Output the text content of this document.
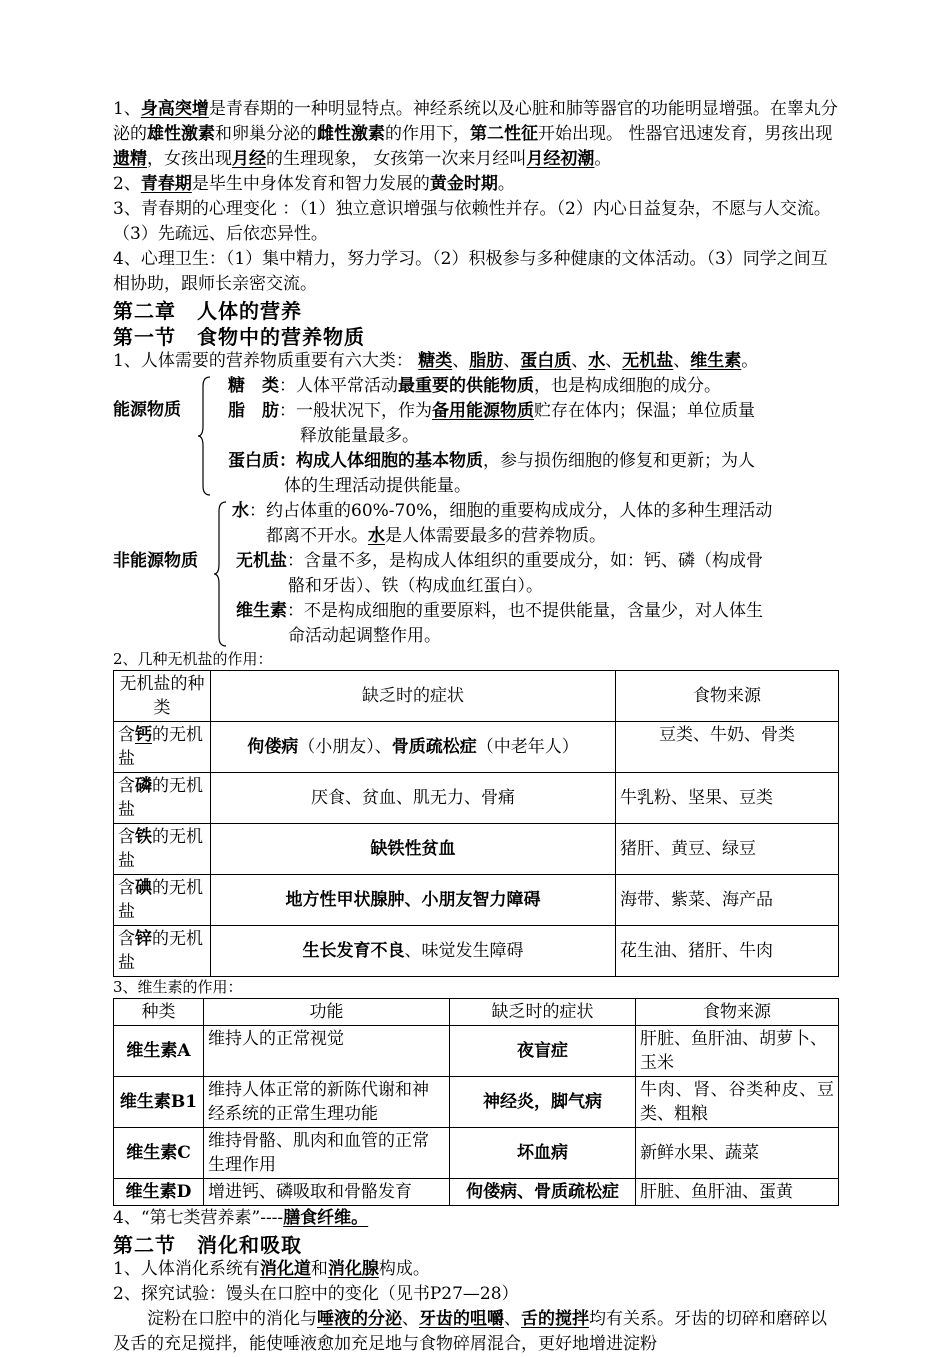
1、身高突增是青春期的一种明显特点。神经系统以及心脏和肺等器官的功能明显增强。在睾丸分泌的雄性激素和卵巢分泌的雌性激素的作用下，第二性征开始出现。 性器官迅速发育，男孩出现遗精，女孩出现月经的生理现象， 女孩第一次来月经叫月经初潮。

2、青春期是毕生中身体发育和智力发展的黄金时期。

3、青春期的心理变化 ：（1）独立意识增强与依赖性并存。（2）内心日益复杂，不愿与人交流。（3）先疏远、后依恋异性。

4、心理卫生：（1）集中精力，努力学习。（2）积极参与多种健康的文体活动。（3）同学之间互相协助，跟师长亲密交流。

第二章　人体的营养
第一节　食物中的营养物质

1、人体需要的营养物质重要有六大类： 糖类、脂肪、蛋白质、水、无机盐、维生素。

能源物质
糖　类：人体平常活动最重要的供能物质，也是构成细胞的成分。
脂　肪：一般状况下，作为备用能源物质贮存在体内；保温；单位质量
释放能量最多。
蛋白质：构成人体细胞的基本物质，参与损伤细胞的修复和更新；为人
体的生理活动提供能量。
非能源物质
水：约占体重的60%-70%，细胞的重要构成成分，人体的多种生理活动
都离不开水。水是人体需要最多的营养物质。
无机盐：含量不多，是构成人体组织的重要成分，如：钙、磷（构成骨
骼和牙齿）、铁（构成血红蛋白）。
维生素：不是构成细胞的重要原料，也不提供能量，含量少，对人体生
命活动起调整作用。

2、几种无机盐的作用：

无机盐的种类	缺乏时的症状	食物来源
含钙的无机盐	佝偻病（小朋友）、骨质疏松症（中老年人）	豆类、牛奶、骨类
含磷的无机盐	厌食、贫血、肌无力、骨痛	牛乳粉、坚果、豆类
含铁的无机盐	缺铁性贫血	猪肝、黄豆、绿豆
含碘的无机盐	地方性甲状腺肿、小朋友智力障碍	海带、紫菜、海产品
含锌的无机盐	生长发育不良、味觉发生障碍	花生油、猪肝、牛肉

3、维生素的作用：

种类	功能	缺乏时的症状	食物来源
维生素A	维持人的正常视觉	夜盲症	肝脏、鱼肝油、胡萝卜、玉米
维生素B1	维持人体正常的新陈代谢和神经系统的正常生理功能	神经炎，脚气病	牛肉、肾、谷类种皮、豆类、粗粮
维生素C	维持骨骼、肌肉和血管的正常生理作用	坏血病	新鲜水果、蔬菜
维生素D	增进钙、磷吸取和骨骼发育	佝偻病、骨质疏松症	肝脏、鱼肝油、蛋黄

4、“第七类营养素”----膳食纤维。

第二节　消化和吸取

1、人体消化系统有消化道和消化腺构成。

2、探究试验：馒头在口腔中的变化（见书P27—28）

淀粉在口腔中的消化与唾液的分泌、牙齿的咀嚼、舌的搅拌均有关系。牙齿的切碎和磨碎以及舌的充足搅拌，能使唾液愈加充足地与食物碎屑混合，更好地增进淀粉
